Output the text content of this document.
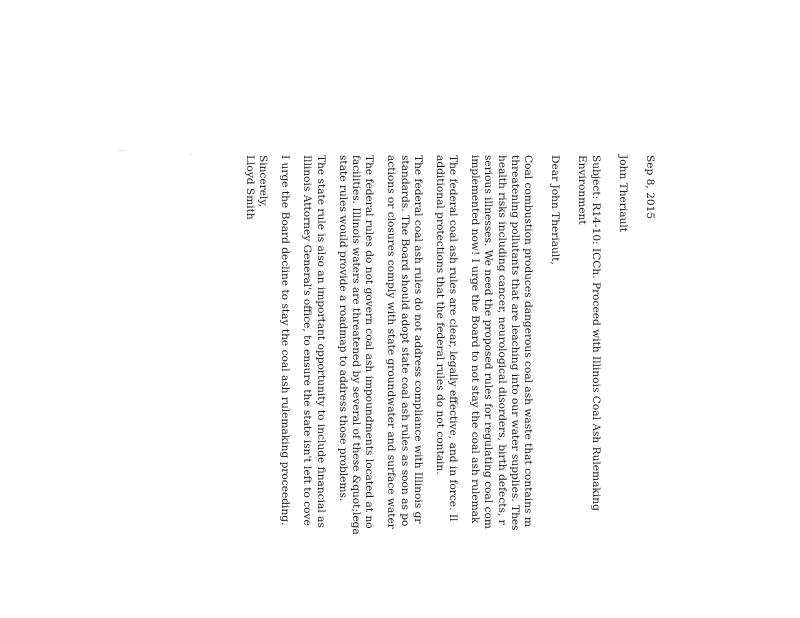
Sep 8, 2015
John Theriault
Subject: R14-10: ICCh. Proceed with Illinois Coal Ash Rulemaking
Environment
Dear John Theriault,
Coal combustion produces dangerous coal ash waste that contains m
threatening pollutants that are leaching into our water supplies. Thes
health risks including cancer, neurological disorders, birth defects, r
serious illnesses. We need the proposed rules for regulating coal com
implemented now! I urge the Board to not stay the coal ash rulemak
The federal coal ash rules are clear, legally effective, and in force. Il
additional protections that the federal rules do not contain.
The federal coal ash rules do not address compliance with Illinois gr
standards. The Board should adopt state coal ash rules as soon as po
actions or closures comply with state groundwater and surface water
The federal rules do not govern coal ash impoundments located at no
facilities. Illinois waters are threatened by several of these &quot;lega
state rules would provide a roadmap to address those problems.
The state rule is also an important opportunity to include financial as
Illinois Attorney General's office, to ensure the state isn't left to cove
I urge the Board decline to stay the coal ash rulemaking proceeding.
Sincerely,
Lloyd Smith
·· ·
·
